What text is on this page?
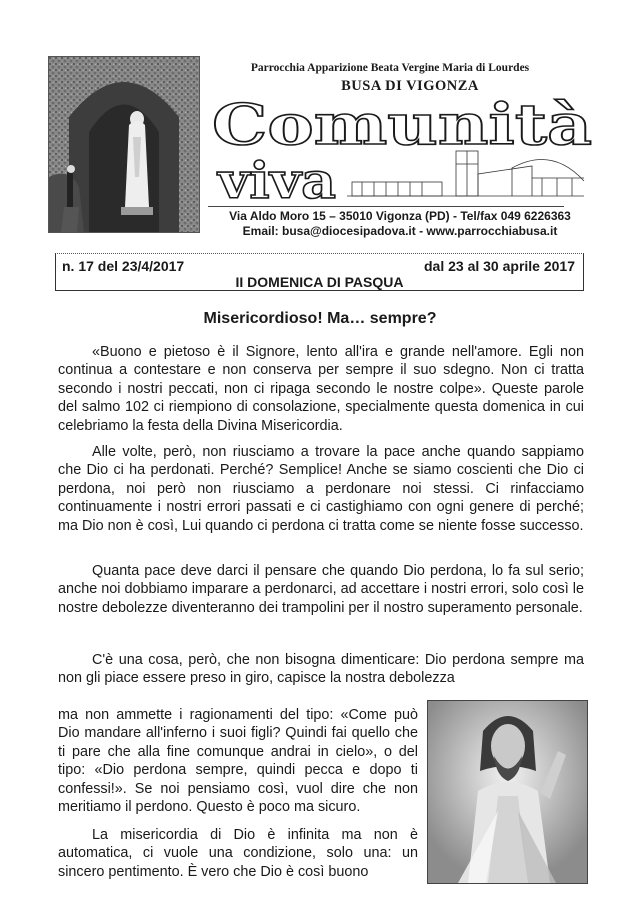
Parrocchia Apparizione Beata Vergine Maria di Lourdes
BUSA DI VIGONZA
Comunità
viva
Via Aldo Moro 15 – 35010 Vigonza (PD) - Tel/fax 049 6226363
Email: busa@diocesipadova.it - www.parrocchiabusa.it
n. 17 del 23/4/2017	dal 23 al 30 aprile 2017
II DOMENICA DI PASQUA
Misericordioso! Ma… sempre?

«Buono e pietoso è il Signore, lento all'ira e grande nell'amore. Egli non continua a contestare e non conserva per sempre il suo sdegno. Non ci tratta secondo i nostri peccati, non ci ripaga secondo le nostre colpe». Queste parole del salmo 102 ci riempiono di consolazione, specialmente questa domenica in cui celebriamo la festa della Divina Misericordia.

Alle volte, però, non riusciamo a trovare la pace anche quando sappiamo che Dio ci ha perdonati. Perché? Semplice! Anche se siamo coscienti che Dio ci perdona, noi però non riusciamo a perdonare noi stessi. Ci rinfacciamo continuamente i nostri errori passati e ci castighiamo con ogni genere di perché; ma Dio non è così, Lui quando ci perdona ci tratta come se niente fosse successo.

Quanta pace deve darci il pensare che quando Dio perdona, lo fa sul serio; anche noi dobbiamo imparare a perdonarci, ad accettare i nostri errori, solo così le nostre debolezze diventeranno dei trampolini per il nostro superamento personale.

C'è una cosa, però, che non bisogna dimenticare: Dio perdona sempre ma non gli piace essere preso in giro, capisce la nostra debolezza

ma non ammette i ragionamenti del tipo: «Come può Dio mandare all'inferno i suoi figli? Quindi fai quello che ti pare che alla fine comunque andrai in cielo», o del tipo: «Dio perdona sempre, quindi pecca e dopo ti confessi!». Se noi pensiamo così, vuol dire che non meritiamo il perdono. Questo è poco ma sicuro.

La misericordia di Dio è infinita ma non è automatica, ci vuole una condizione, solo una: un sincero pentimento. È vero che Dio è così buono
